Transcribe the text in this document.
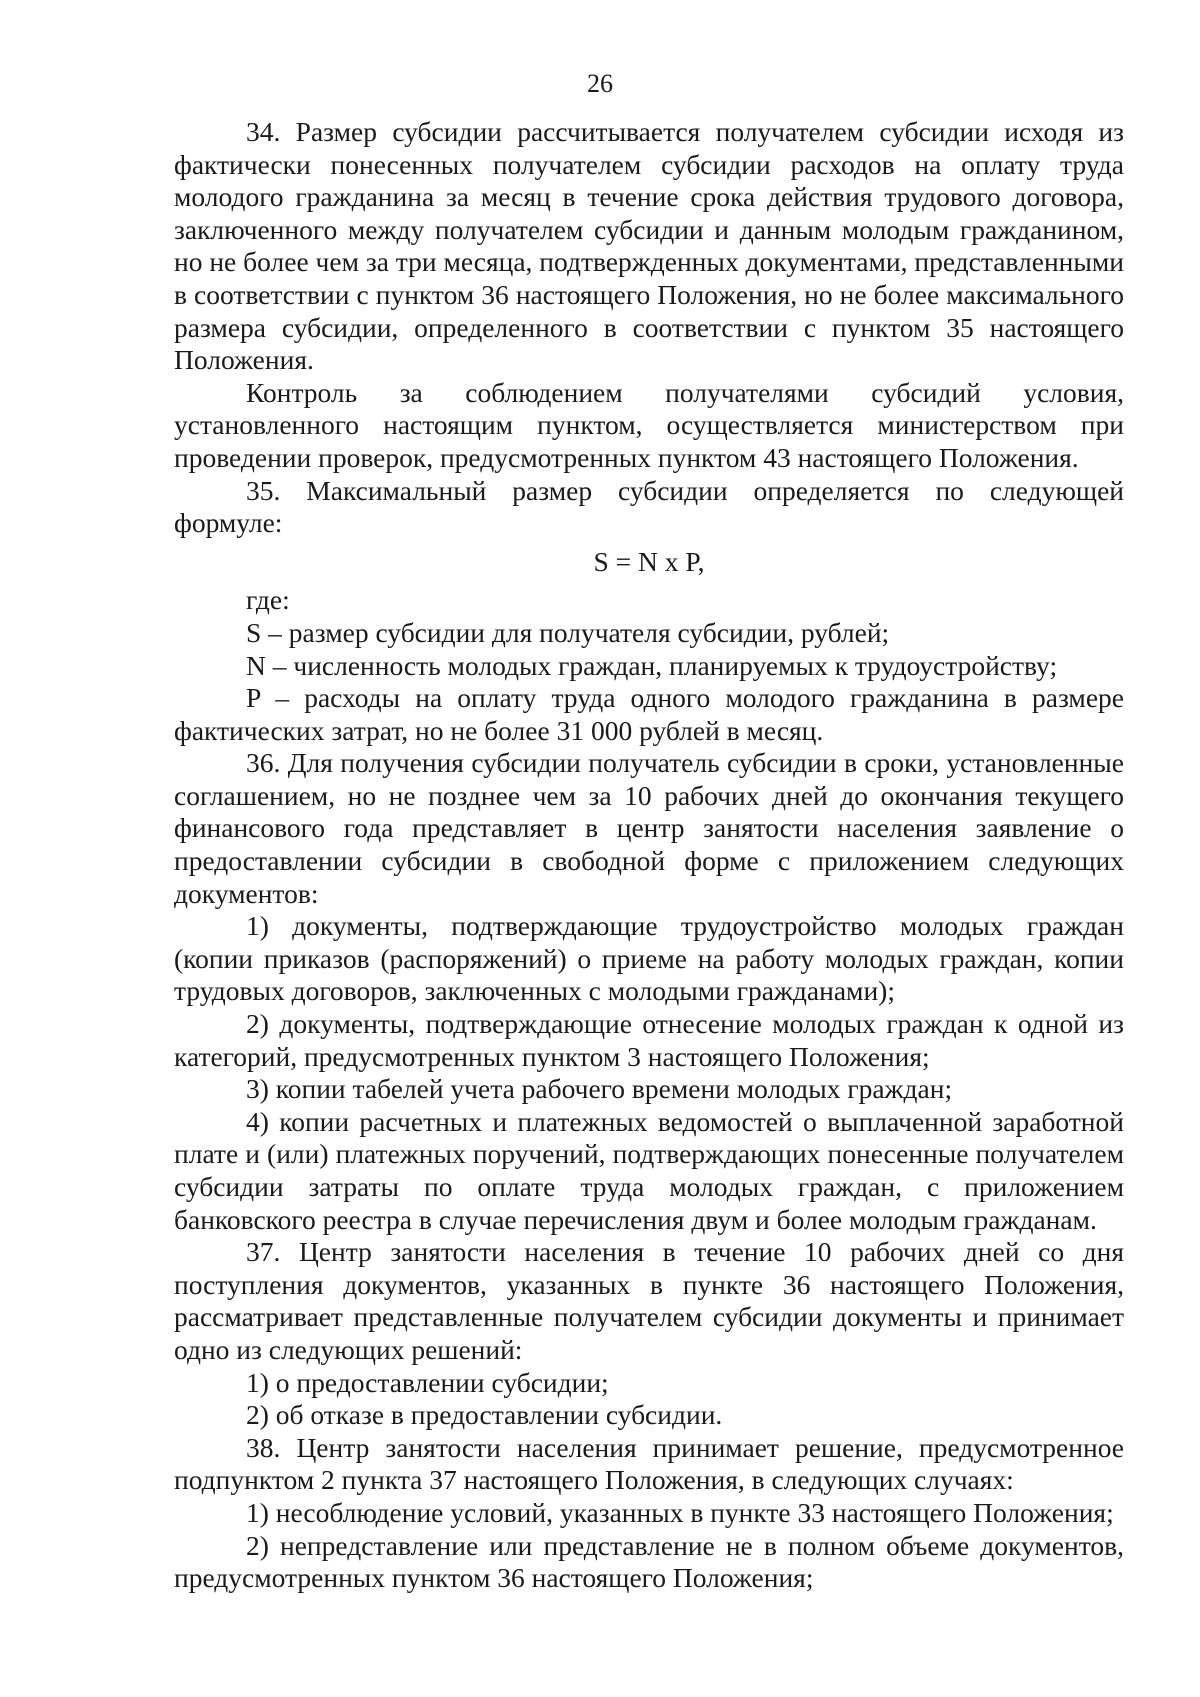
26

34. Размер субсидии рассчитывается получателем субсидии исходя из фактически понесенных получателем субсидии расходов на оплату труда молодого гражданина за месяц в течение срока действия трудового договора, заключенного между получателем субсидии и данным молодым гражданином, но не более чем за три месяца, подтвержденных документами, представленными в соответствии с пунктом 36 настоящего Положения, но не более максимального размера субсидии, определенного в соответствии с пунктом 35 настоящего Положения.

Контроль за соблюдением получателями субсидий условия, установленного настоящим пунктом, осуществляется министерством при проведении проверок, предусмотренных пунктом 43 настоящего Положения.

35. Максимальный размер субсидии определяется по следующей формуле:

S = N x P,

где:

S – размер субсидии для получателя субсидии, рублей;

N – численность молодых граждан, планируемых к трудоустройству;

P – расходы на оплату труда одного молодого гражданина в размере фактических затрат, но не более 31 000 рублей в месяц.

36. Для получения субсидии получатель субсидии в сроки, установленные соглашением, но не позднее чем за 10 рабочих дней до окончания текущего финансового года представляет в центр занятости населения заявление о предоставлении субсидии в свободной форме с приложением следующих документов:

1) документы, подтверждающие трудоустройство молодых граждан (копии приказов (распоряжений) о приеме на работу молодых граждан, копии трудовых договоров, заключенных с молодыми гражданами);

2) документы, подтверждающие отнесение молодых граждан к одной из категорий, предусмотренных пунктом 3 настоящего Положения;

3) копии табелей учета рабочего времени молодых граждан;

4) копии расчетных и платежных ведомостей о выплаченной заработной плате и (или) платежных поручений, подтверждающих понесенные получателем субсидии затраты по оплате труда молодых граждан, с приложением банковского реестра в случае перечисления двум и более молодым гражданам.

37. Центр занятости населения в течение 10 рабочих дней со дня поступления документов, указанных в пункте 36 настоящего Положения, рассматривает представленные получателем субсидии документы и принимает одно из следующих решений:

1) о предоставлении субсидии;

2) об отказе в предоставлении субсидии.

38. Центр занятости населения принимает решение, предусмотренное подпунктом 2 пункта 37 настоящего Положения, в следующих случаях:

1) несоблюдение условий, указанных в пункте 33 настоящего Положения;

2) непредставление или представление не в полном объеме документов, предусмотренных пунктом 36 настоящего Положения;
